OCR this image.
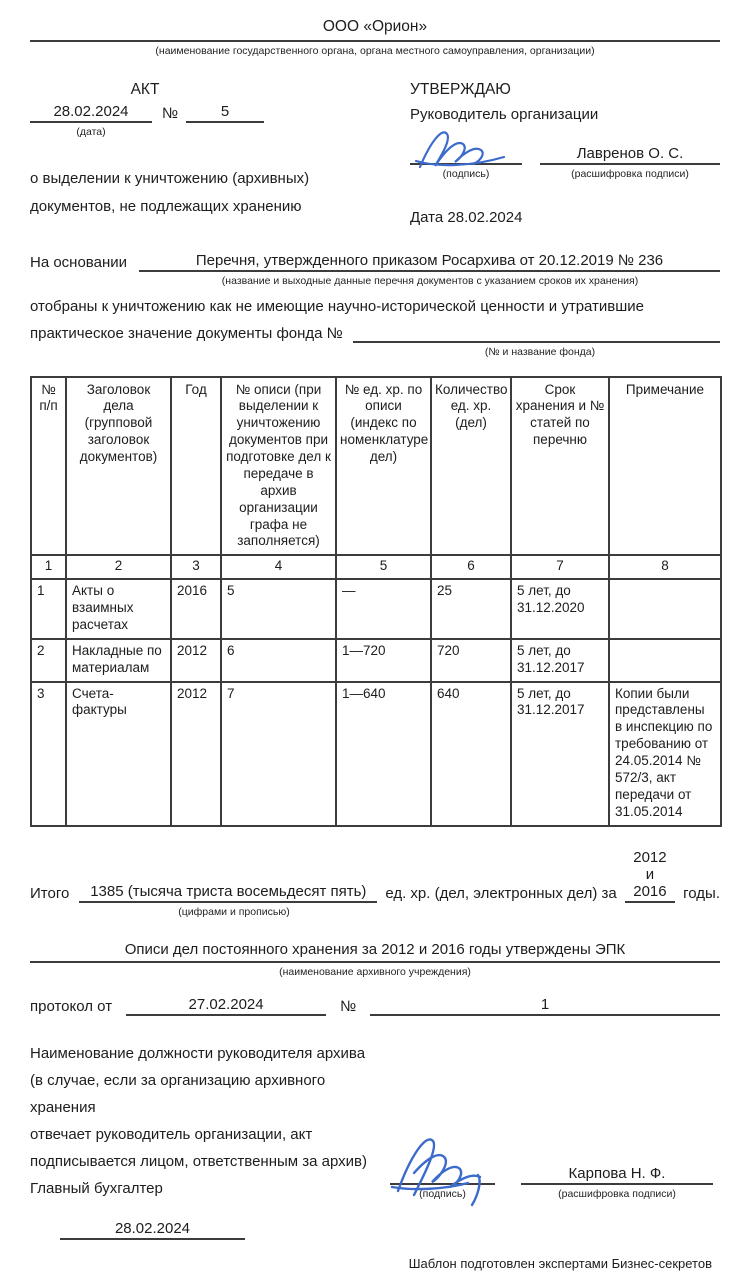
ООО «Орион»
(наименование государственного органа, органа местного самоуправления, организации)
АКТ
28.02.2024	№	5
(дата)
о выделении к уничтожению (архивных)
документов, не подлежащих хранению
УТВЕРЖДАЮ
Руководитель организации
Лавренов О. С.
(подпись)	(расшифровка подписи)
Дата 28.02.2024
На основании	Перечня, утвержденного приказом Росархива от 20.12.2019 № 236
(название и выходные данные перечня документов с указанием сроков их хранения)
отобраны к уничтожению как не имеющие научно-исторической ценности и утратившие
практическое значение документы фонда №
(№ и название фонда)
№ п/п	Заголовок дела (групповой заголовок документов)	Год	№ описи (при выделении к уничтожению документов при подготовке дел к передаче в архив организации графа не заполняется)	№ ед. хр. по описи (индекс по номенклатуре дел)	Количество ед. хр. (дел)	Срок хранения и № статей по перечню	Примечание
1	2	3	4	5	6	7	8
1	Акты о взаимных расчетах	2016	5	—	25	5 лет, до 31.12.2020	
2	Накладные по материалам	2012	6	1—720	720	5 лет, до 31.12.2017	
3	Счета-фактуры	2012	7	1—640	640	5 лет, до 31.12.2017	Копии были представлены в инспекцию по требованию от 24.05.2014 № 572/3, акт передачи от 31.05.2014
Итого	1385 (тысяча триста восемьдесят пять)	ед. хр. (дел, электронных дел) за
2012 и 2016	годы.
(цифрами и прописью)
Описи дел постоянного хранения за 2012 и 2016 годы утверждены ЭПК
(наименование архивного учреждения)
протокол от	27.02.2024	№	1
Наименование должности руководителя архива
(в случае, если за организацию архивного хранения
отвечает руководитель организации, акт
подписывается лицом, ответственным за архив)
Главный бухгалтер
Карпова Н. Ф.
(подпись)	(расшифровка подписи)
28.02.2024
Шаблон подготовлен экспертами Бизнес-секретов
